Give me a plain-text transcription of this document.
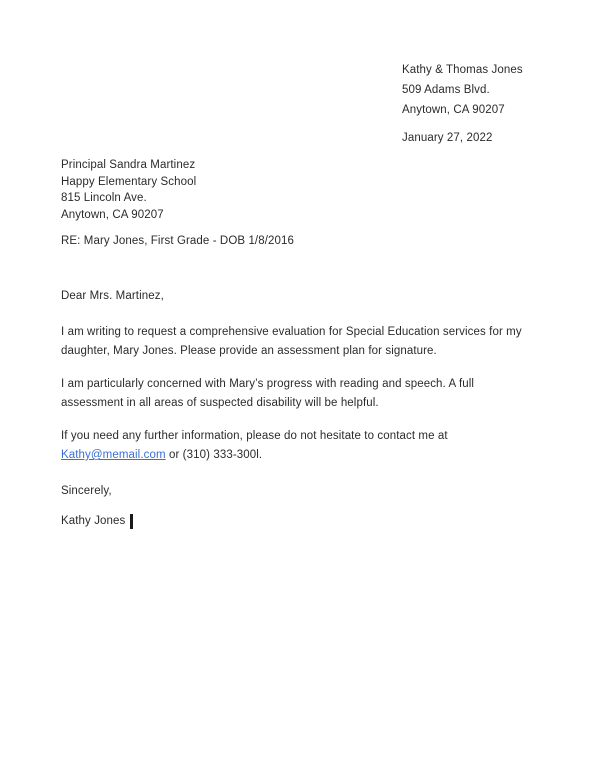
Kathy & Thomas Jones
509 Adams Blvd.
Anytown, CA 90207
January 27, 2022
Principal Sandra Martinez
Happy Elementary School
815 Lincoln Ave.
Anytown, CA 90207
RE: Mary Jones, First Grade - DOB 1/8/2016

Dear Mrs. Martinez,

I am writing to request a comprehensive evaluation for Special Education services for my daughter, Mary Jones. Please provide an assessment plan for signature.

I am particularly concerned with Mary’s progress with reading and speech. A full assessment in all areas of suspected disability will be helpful.

If you need any further information, please do not hesitate to contact me at Kathy@memail.com or (310) 333-300l.

Sincerely,

Kathy Jones
